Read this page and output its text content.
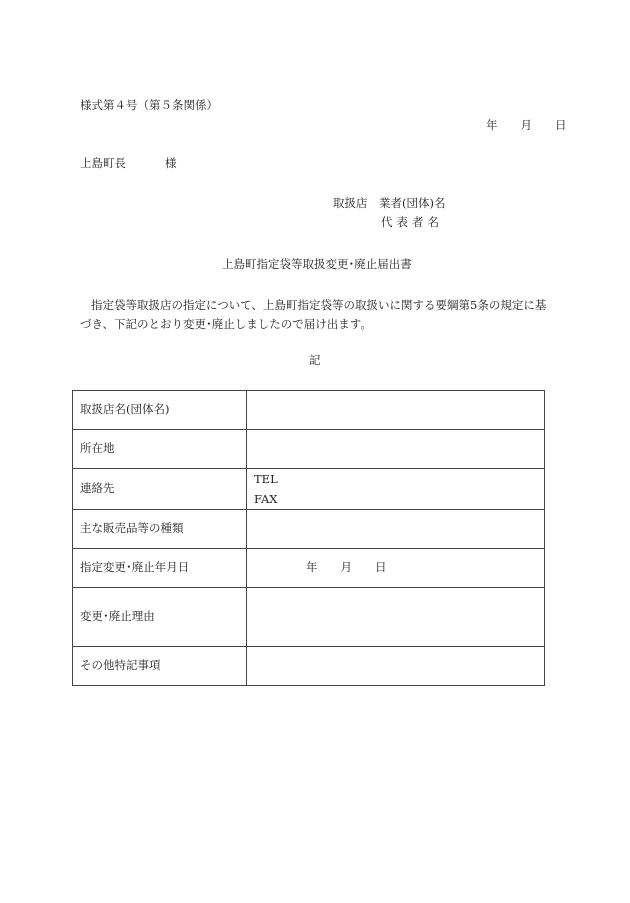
様式第４号（第５条関係）
年　　月　　日
上島町長	様
取扱店　業者(団体)名
代表者名
上島町指定袋等取扱変更･廃止届出書
指定袋等取扱店の指定について、上島町指定袋等の取扱いに関する要綱第5条の規定に基づき、下記のとおり変更･廃止しましたので届け出ます。
記
取扱店名(団体名)	
所在地	
連絡先	TEL
FAX

主な販売品等の種類	
指定変更･廃止年月日	年　　月　　日
変更･廃止理由	
その他特記事項	
